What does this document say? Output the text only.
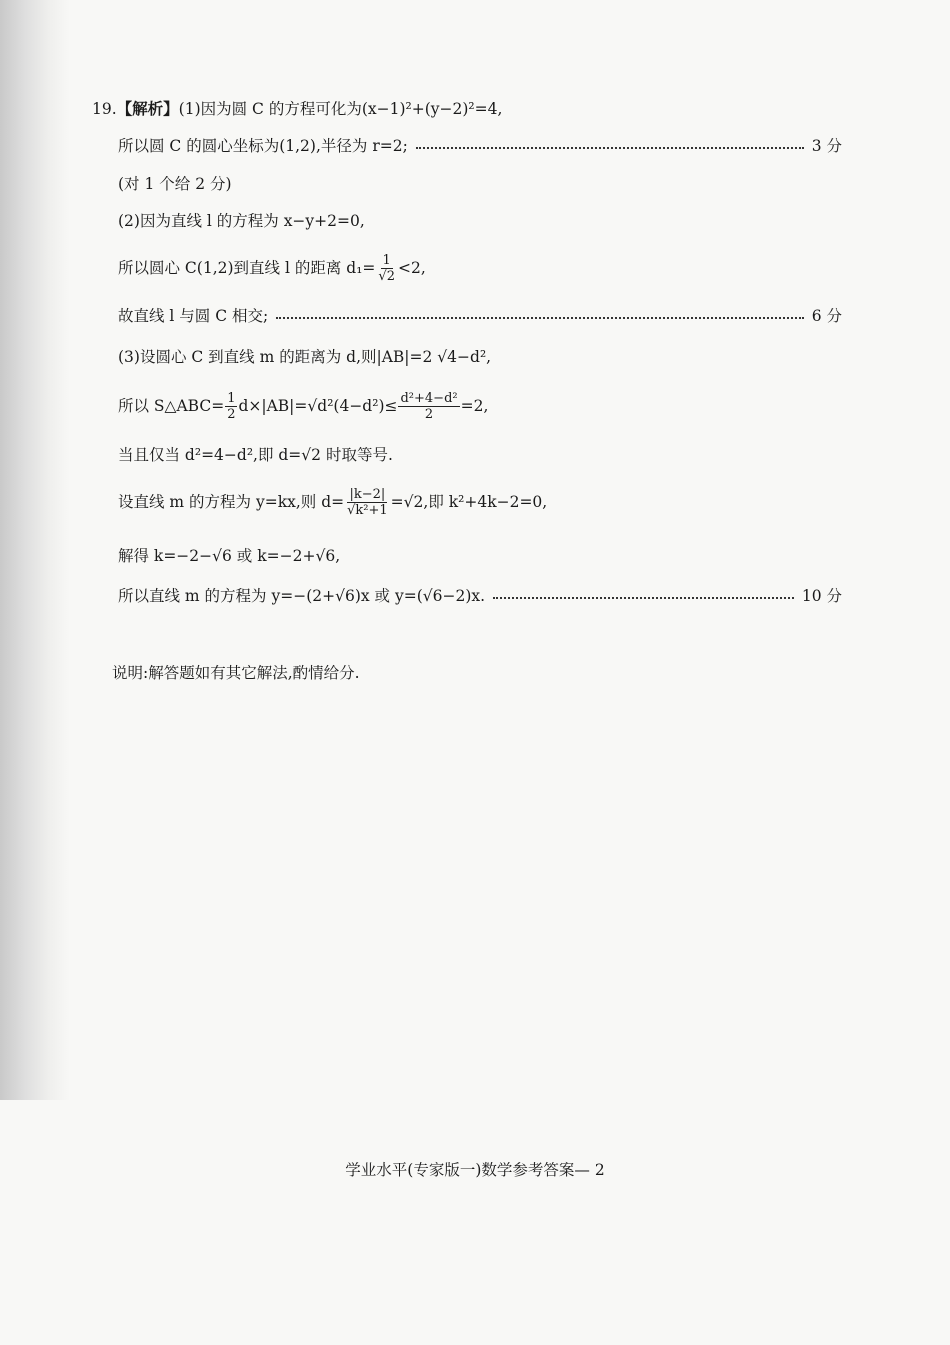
19. 【解析】 (1)因为圆 C 的方程可化为(x−1)²+(y−2)²=4,
所以圆 C 的圆心坐标为(1,2),半径为 r=2;	3 分
(对 1 个给 2 分)
(2)因为直线 l 的方程为 x−y+2=0,
所以圆心 C(1,2)到直线 l 的距离 $d_1= \frac{1}{√2} <2$,
故直线 l 与圆 C 相交;	6 分
(3)设圆心 C 到直线 m 的距离为 d,则|AB|=2 √4−d²,
所以 S△ABC= $\frac{1}{2} d\times|AB|=√d^2(4-d^2)\le \frac{\text{d²+4−d²}}{2} =2$,
当且仅当 d²=4−d²,即 d=√2 时取等号.
设直线 m 的方程为 y=kx,则 $d= \frac{|k-2|}{\text{√k²+1}} =√2$,即 k²+4k−2=0,
解得 k=−2−√6 或 k=−2+√6,
所以直线 m 的方程为 y=−(2+√6)x 或 y=(√6−2)x.	10 分
说明:解答题如有其它解法,酌情给分.
学业水平(专家版一)数学参考答案— 2
